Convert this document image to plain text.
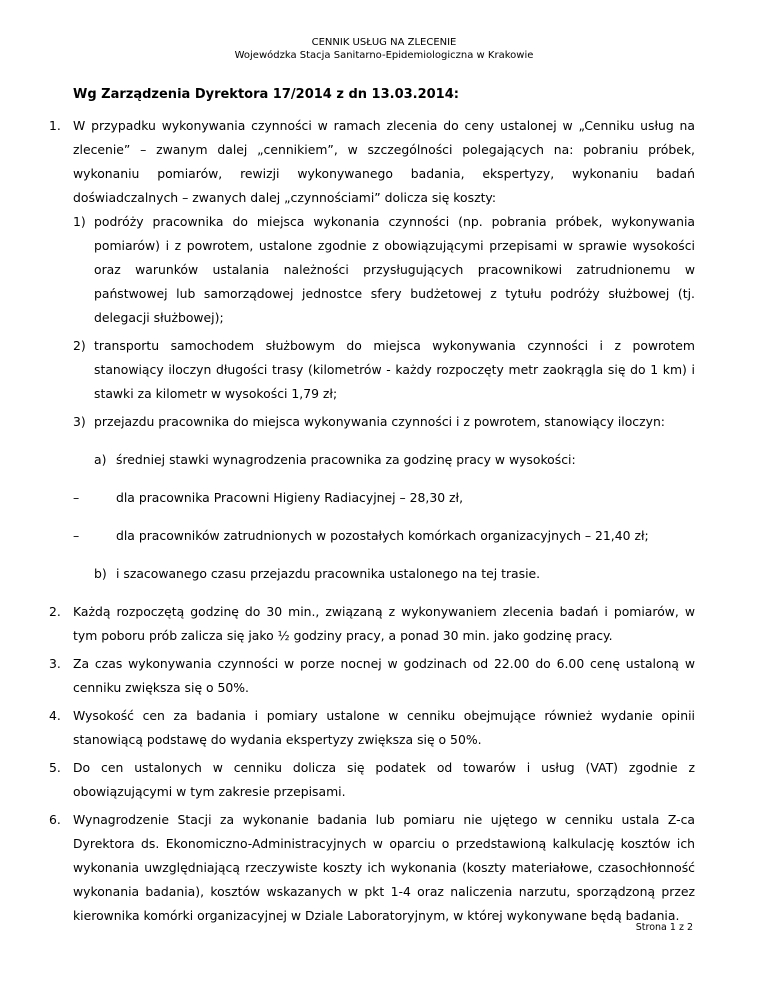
CENNIK USŁUG NA ZLECENIE
Wojewódzka Stacja Sanitarno-Epidemiologiczna w Krakowie
Wg Zarządzenia Dyrektora 17/2014 z dn 13.03.2014:
1. W przypadku wykonywania czynności w ramach zlecenia do ceny ustalonej w „Cenniku usług na zlecenie” – zwanym dalej „cennikiem”, w szczególności polegających na: pobraniu próbek, wykonaniu pomiarów, rewizji wykonywanego badania, ekspertyzy, wykonaniu badań doświadczalnych – zwanych dalej „czynnościami” dolicza się koszty:

1) podróży pracownika do miejsca wykonania czynności (np. pobrania próbek, wykonywania pomiarów) i z powrotem, ustalone zgodnie z obowiązującymi przepisami w sprawie wysokości oraz warunków ustalania należności przysługujących pracownikowi zatrudnionemu w państwowej lub samorządowej jednostce sfery budżetowej z tytułu podróży służbowej (tj. delegacji służbowej);

2) transportu samochodem służbowym do miejsca wykonywania czynności i z powrotem stanowiący iloczyn długości trasy (kilometrów - każdy rozpoczęty metr zaokrągla się do 1 km) i stawki za kilometr w wysokości 1,79 zł;

3) przejazdu pracownika do miejsca wykonywania czynności i z powrotem, stanowiący iloczyn:

a) średniej stawki wynagrodzenia pracownika za godzinę pracy w wysokości:

–	dla pracownika Pracowni Higieny Radiacyjnej – 28,30 zł,

–	dla pracowników zatrudnionych w pozostałych komórkach organizacyjnych – 21,40 zł;

b) i szacowanego czasu przejazdu pracownika ustalonego na tej trasie.

2. Każdą rozpoczętą godzinę do 30 min., związaną z wykonywaniem zlecenia badań i pomiarów, w tym poboru prób zalicza się jako ½ godziny pracy, a ponad 30 min. jako godzinę pracy.

3. Za czas wykonywania czynności w porze nocnej w godzinach od 22.00 do 6.00 cenę ustaloną w cenniku zwiększa się o 50%.

4. Wysokość cen za badania i pomiary ustalone w cenniku obejmujące również wydanie opinii stanowiącą podstawę do wydania ekspertyzy zwiększa się o 50%.

5. Do cen ustalonych w cenniku dolicza się podatek od towarów i usług (VAT) zgodnie z obowiązującymi w tym zakresie przepisami.

6. Wynagrodzenie Stacji za wykonanie badania lub pomiaru nie ujętego w cenniku ustala Z-ca Dyrektora ds. Ekonomiczno-Administracyjnych w oparciu o przedstawioną kalkulację kosztów ich wykonania uwzględniającą rzeczywiste koszty ich wykonania (koszty materiałowe, czasochłonność wykonania badania), kosztów wskazanych w pkt 1-4 oraz naliczenia narzutu, sporządzoną przez kierownika komórki organizacyjnej w Dziale Laboratoryjnym, w której wykonywane będą badania.

Strona 1 z 2
